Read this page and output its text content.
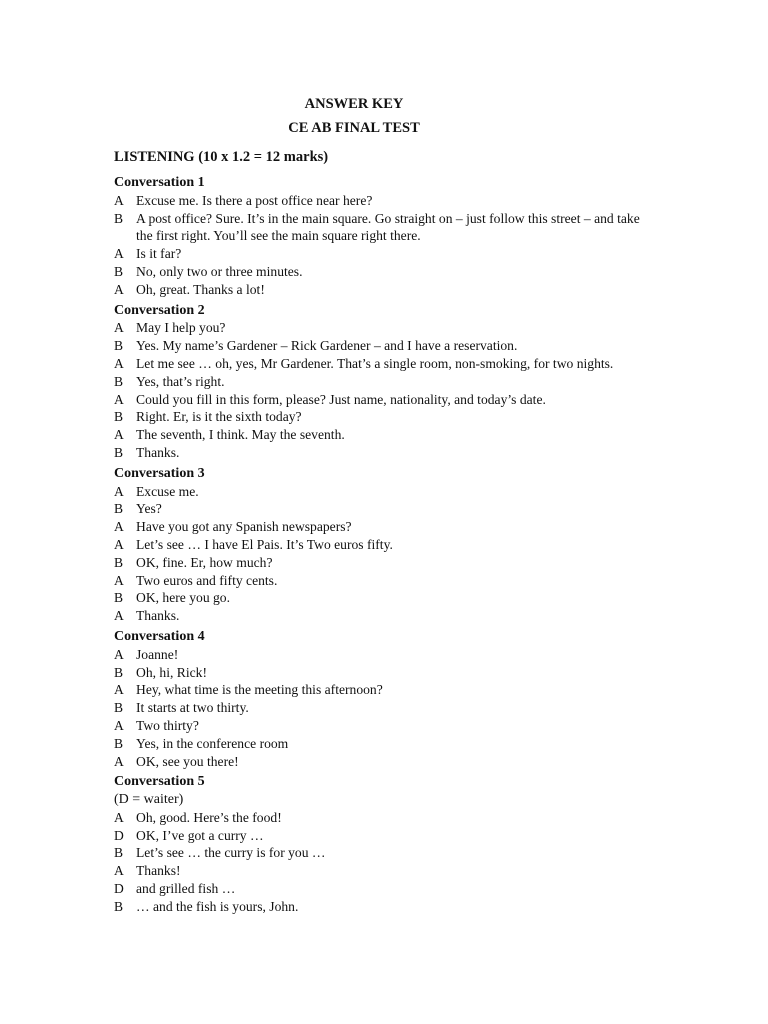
ANSWER KEY
CE AB FINAL TEST
LISTENING (10 x 1.2 = 12 marks)
Conversation 1
A Excuse me. Is there a post office near here?
B A post office? Sure. It’s in the main square. Go straight on – just follow this street – and take the first right. You’ll see the main square right there.
A Is it far?
B No, only two or three minutes.
A Oh, great. Thanks a lot!
Conversation 2
A May I help you?
B Yes. My name’s Gardener – Rick Gardener – and I have a reservation.
A Let me see … oh, yes, Mr Gardener. That’s a single room, non-smoking, for two nights.
B Yes, that’s right.
A Could you fill in this form, please? Just name, nationality, and today’s date.
B Right. Er, is it the sixth today?
A The seventh, I think. May the seventh.
B Thanks.
Conversation 3
A Excuse me.
B Yes?
A Have you got any Spanish newspapers?
A Let’s see … I have El Pais. It’s Two euros fifty.
B OK, fine. Er, how much?
A Two euros and fifty cents.
B OK, here you go.
A Thanks.
Conversation 4
A Joanne!
B Oh, hi, Rick!
A Hey, what time is the meeting this afternoon?
B It starts at two thirty.
A Two thirty?
B Yes, in the conference room
A OK, see you there!
Conversation 5
(D = waiter)
A Oh, good. Here’s the food!
D OK, I’ve got a curry …
B Let’s see … the curry is for you …
A Thanks!
D and grilled fish …
B … and the fish is yours, John.
